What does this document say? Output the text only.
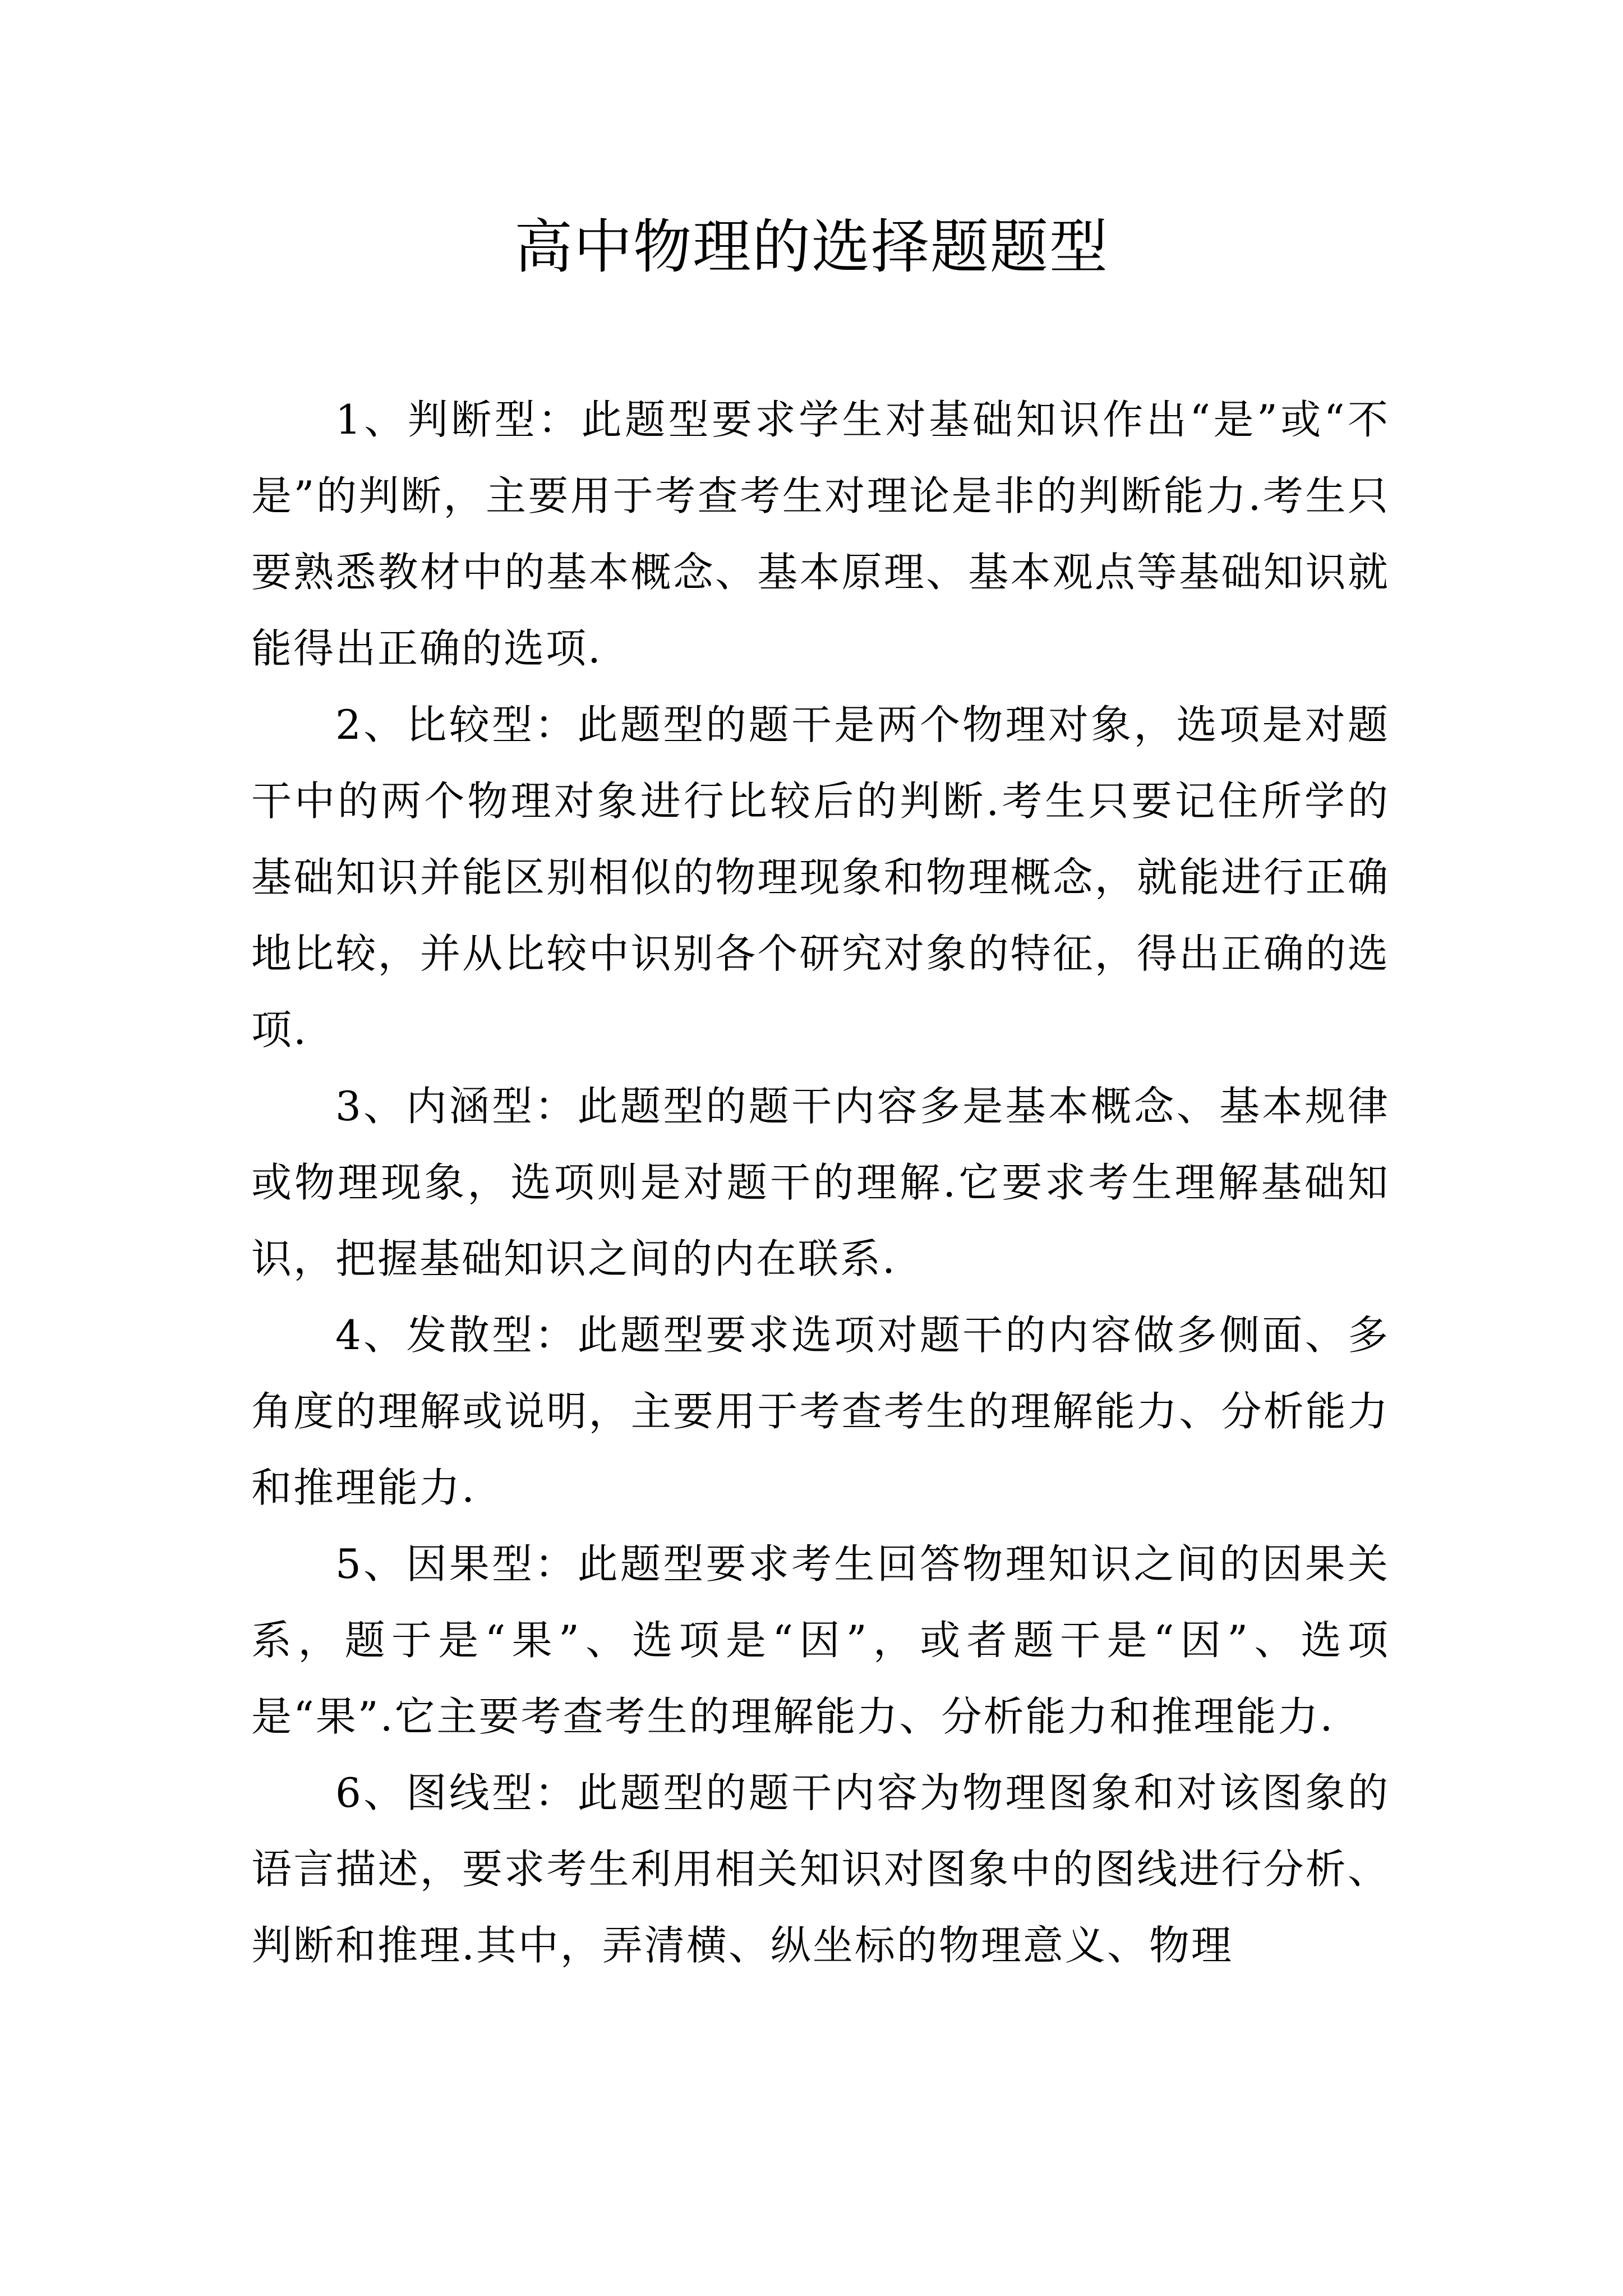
高中物理的选择题题型

1、判断型：此题型要求学生对基础知识作出“是”或“不是”的判断，主要用于考查考生对理论是非的判断能力.考生只要熟悉教材中的基本概念、基本原理、基本观点等基础知识就能得出正确的选项.

2、比较型：此题型的题干是两个物理对象，选项是对题干中的两个物理对象进行比较后的判断.考生只要记住所学的基础知识并能区别相似的物理现象和物理概念，就能进行正确地比较，并从比较中识别各个研究对象的特征，得出正确的选项.

3、内涵型：此题型的题干内容多是基本概念、基本规律或物理现象，选项则是对题干的理解.它要求考生理解基础知识，把握基础知识之间的内在联系.

4、发散型：此题型要求选项对题干的内容做多侧面、多角度的理解或说明，主要用于考查考生的理解能力、分析能力和推理能力.

5、因果型：此题型要求考生回答物理知识之间的因果关系，题于是“果”、选项是“因”，或者题干是“因”、选项是“果”.它主要考查考生的理解能力、分析能力和推理能力.

6、图线型：此题型的题干内容为物理图象和对该图象的语言描述，要求考生利用相关知识对图象中的图线进行分析、判断和推理.其中，弄清横、纵坐标的物理意义、物理
